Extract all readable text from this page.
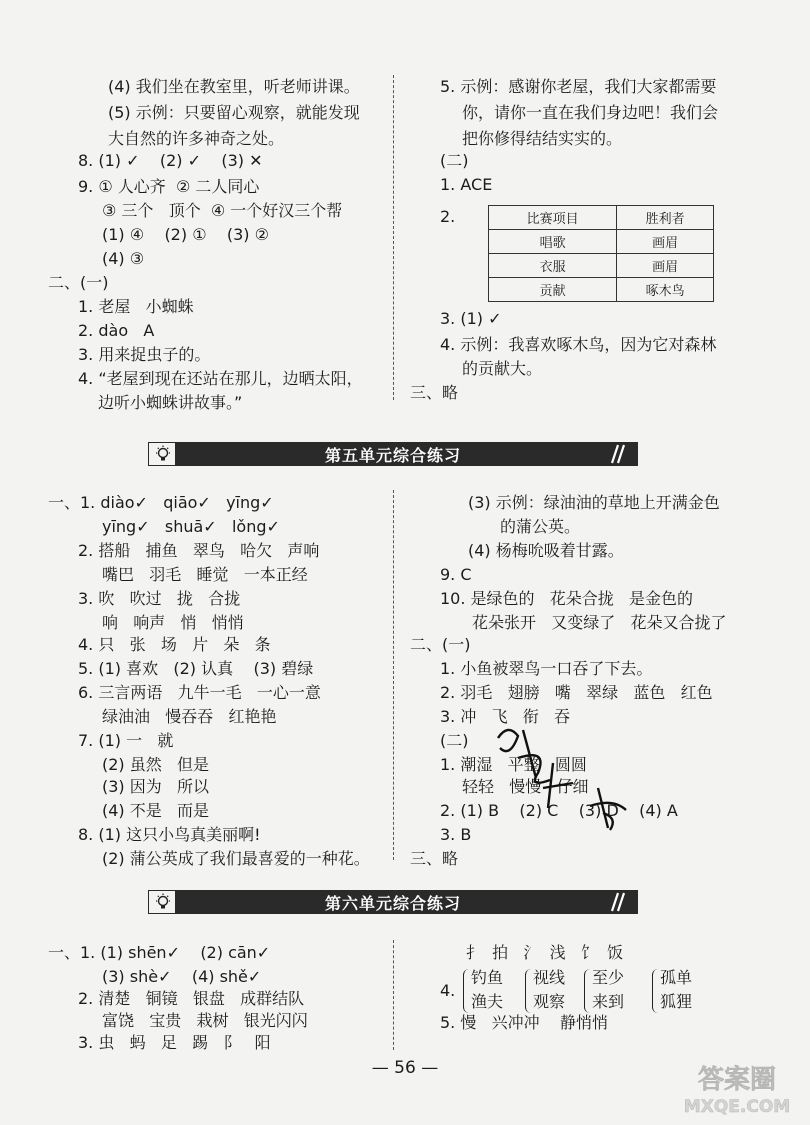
(4) 我们坐在教室里，听老师讲课。
(5) 示例：只要留心观察，就能发现
大自然的许多神奇之处。
8. (1) ✓    (2) ✓    (3) ✕
9. ① 人心齐  ② 二人同心
③ 三个   顶个  ④ 一个好汉三个帮
(1) ④    (2) ①    (3) ②
(4) ③
二、(一)
1. 老屋   小蜘蛛
2. dào   A
3. 用来捉虫子的。
4. “老屋到现在还站在那儿，边晒太阳，
边听小蜘蛛讲故事。”
5. 示例：感谢你老屋，我们大家都需要
你，请你一直在我们身边吧！我们会
把你修得结结实实的。
(二)
1. ACE
2.
3. (1) ✓
4. 示例：我喜欢啄木鸟，因为它对森林
的贡献大。
三、略
比赛项目	胜利者
唱歌	画眉
衣服	画眉
贡献	啄木鸟
第五单元综合练习
一、1. diào✓   qiāo✓   yīng✓
yīng✓   shuā✓   lǒng✓
2. 搭船   捕鱼   翠鸟   哈欠   声响
嘴巴   羽毛   睡觉   一本正经
3. 吹   吹过   拢   合拢
响   响声   悄   悄悄
4. 只   张   场   片   朵   条
5. (1) 喜欢   (2) 认真    (3) 碧绿
6. 三言两语   九牛一毛   一心一意
绿油油   慢吞吞   红艳艳
7. (1) 一   就
(2) 虽然   但是
(3) 因为   所以
(4) 不是   而是
8. (1) 这只小鸟真美丽啊!
(2) 蒲公英成了我们最喜爱的一种花。
(3) 示例：绿油油的草地上开满金色
的蒲公英。
(4) 杨梅吮吸着甘露。
9. C
10. 是绿色的   花朵合拢   是金色的
花朵张开   又变绿了   花朵又合拢了
二、(一)
1. 小鱼被翠鸟一口吞了下去。
2. 羽毛   翅膀   嘴   翠绿   蓝色   红色
3. 冲   飞   衔   吞
(二)
1. 潮湿   平整   圆圆
轻轻   慢慢   仔细
2. (1) B    (2) C    (3) D    (4) A
3. B
三、略
第六单元综合练习
一、1. (1) shēn✓    (2) cān✓
(3) shè✓    (4) shě✓
2. 清楚   铜镜   银盘   成群结队
富饶   宝贵   栽树   银光闪闪
3. 虫   蚂   足   踢   阝   阳
扌  拍   氵  浅   饣  饭
4.
5. 慢   兴冲冲    静悄悄
钓鱼
渔夫
视线
观察
至少
来到
孤单
狐狸
— 56 —	答案圈
MXQE.COM
